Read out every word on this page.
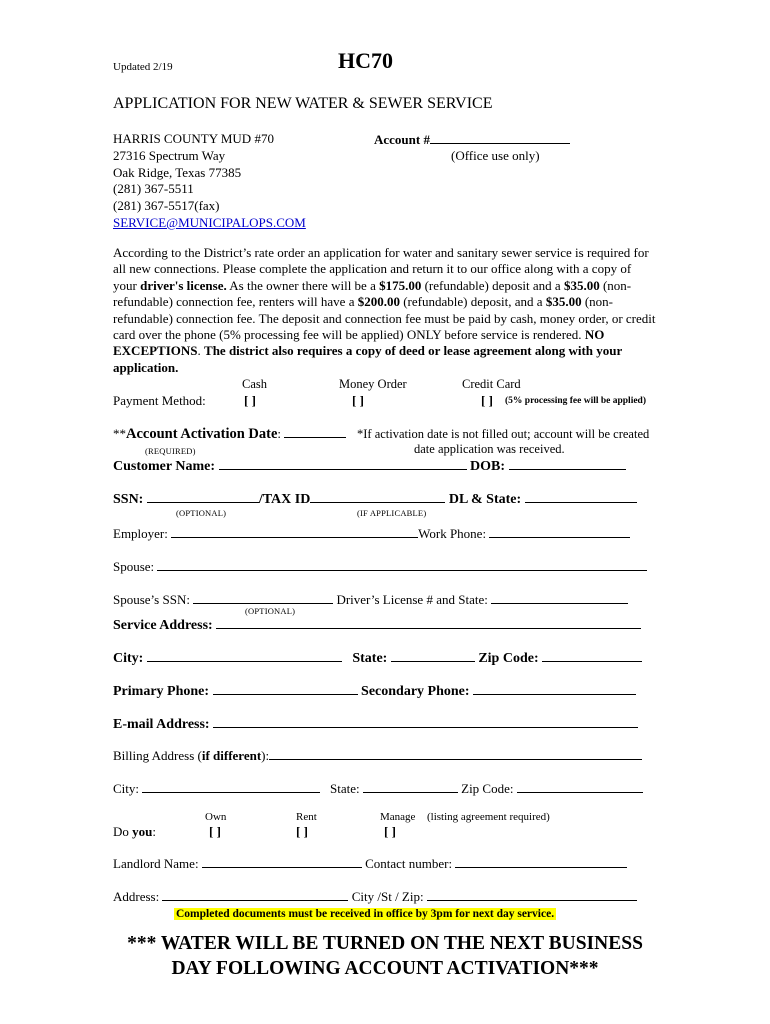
Updated 2/19	HC70
APPLICATION FOR NEW WATER & SEWER SERVICE
HARRIS COUNTY MUD #70
27316 Spectrum Way
Oak Ridge, Texas 77385
(281) 367-5511
(281) 367-5517(fax)
SERVICE@MUNICIPALOPS.COM
Account #
(Office use only)

According to the District’s rate order an application for water and sanitary sewer service is required for all new connections. Please complete the application and return it to our office along with a copy of your driver's license. As the owner there will be a $175.00 (refundable) deposit and a $35.00 (non-refundable) connection fee, renters will have a $200.00 (refundable) deposit, and a $35.00 (non-refundable) connection fee. The deposit and connection fee must be paid by cash, money order, or credit card over the phone (5% processing fee will be applied) ONLY before service is rendered. NO EXCEPTIONS. The district also requires a copy of deed or lease agreement along with your application.

Cash	Money Order	Credit Card
Payment Method:	[ ]	[ ]	[ ] (5% processing fee will be applied)
**Account Activation Date:	*If activation date is not filled out; account will be created
(REQUIRED)	date application was received.
Customer Name:	DOB:
SSN:	/TAX ID	DL & State:
(OPTIONAL)	(IF APPLICABLE)
Employer:	Work Phone:
Spouse:
Spouse’s SSN:	Driver’s License # and State:
(OPTIONAL)
Service Address:
City:	State:	Zip Code:
Primary Phone:	Secondary Phone:
E-mail Address:
Billing Address (if different):
City:	State:	Zip Code:
Own	Rent	Manage (listing agreement required)
Do you:	[ ]	[ ]	[ ]
Landlord Name:	Contact number:
Address:	City /St / Zip:
Completed documents must be received in office by 3pm for next day service.
*** WATER WILL BE TURNED ON THE NEXT BUSINESS
DAY FOLLOWING ACCOUNT ACTIVATION***
